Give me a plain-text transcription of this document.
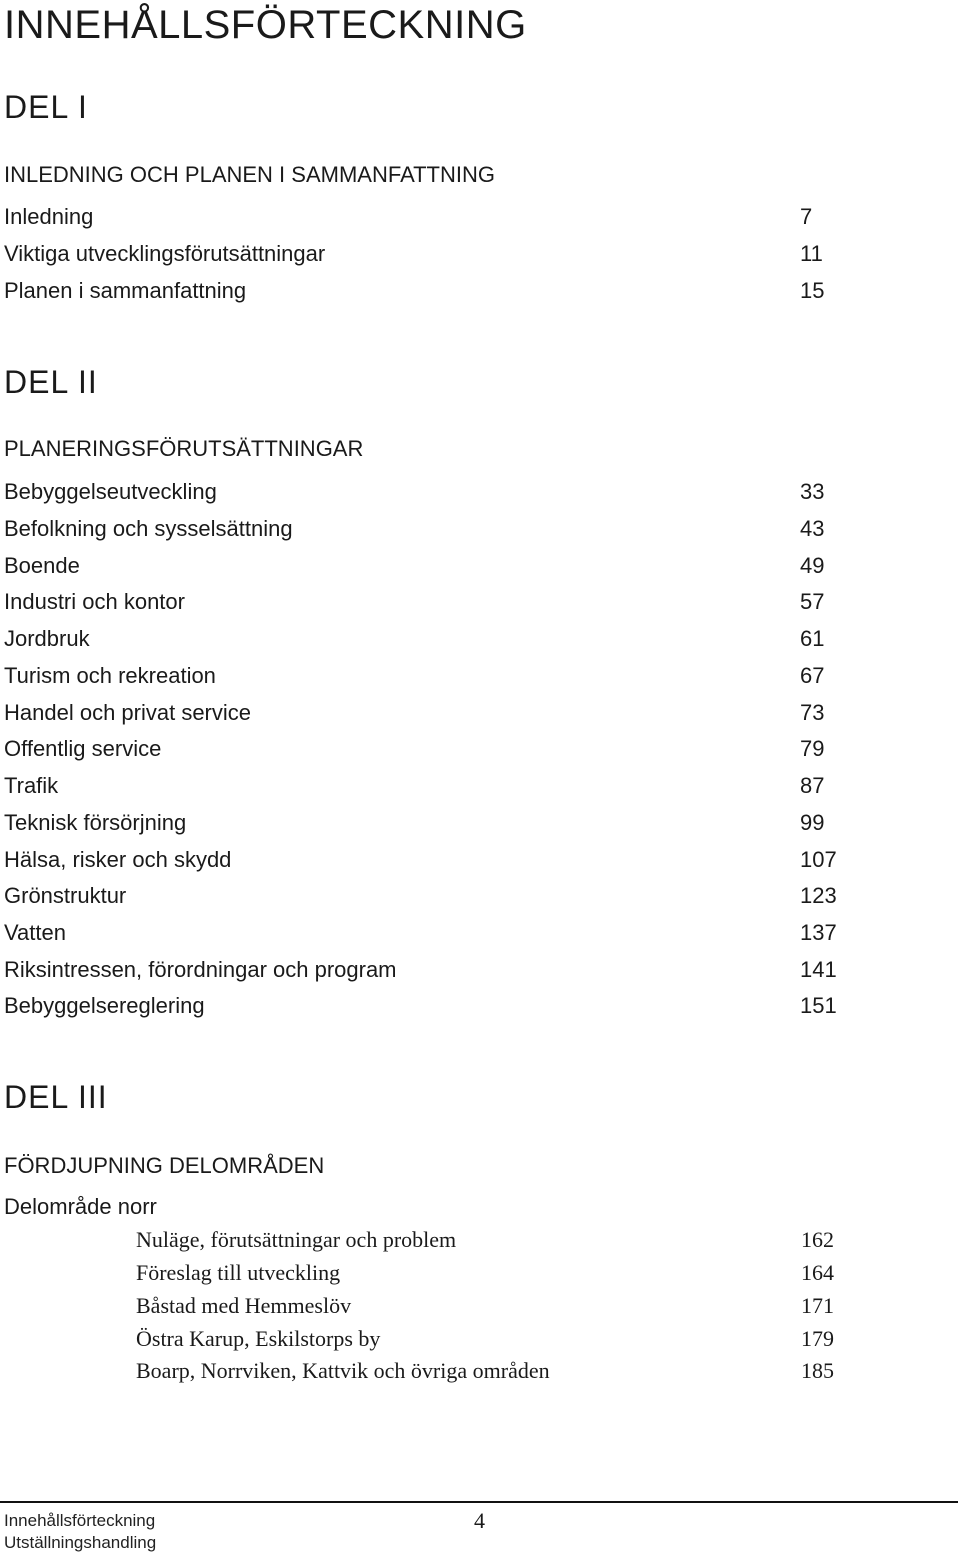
INNEHÅLLSFÖRTECKNING
DEL I
INLEDNING OCH PLANEN I SAMMANFATTNING
Inledning	7
Viktiga utvecklingsförutsättningar	11
Planen i sammanfattning	15
DEL II
PLANERINGSFÖRUTSÄTTNINGAR
Bebyggelseutveckling	33
Befolkning och sysselsättning	43
Boende	49
Industri och kontor	57
Jordbruk	61
Turism och rekreation	67
Handel och privat service	73
Offentlig service	79
Trafik	87
Teknisk försörjning	99
Hälsa, risker och skydd	107
Grönstruktur	123
Vatten	137
Riksintressen, förordningar och program	141
Bebyggelsereglering	151
DEL III
FÖRDJUPNING DELOMRÅDEN
Delområde norr
Nuläge, förutsättningar och problem	162
Föreslag till utveckling	164
Båstad med Hemmeslöv	171
Östra Karup, Eskilstorps by	179
Boarp, Norrviken, Kattvik och övriga områden	185
Innehållsförteckning
Utställningshandling
4
